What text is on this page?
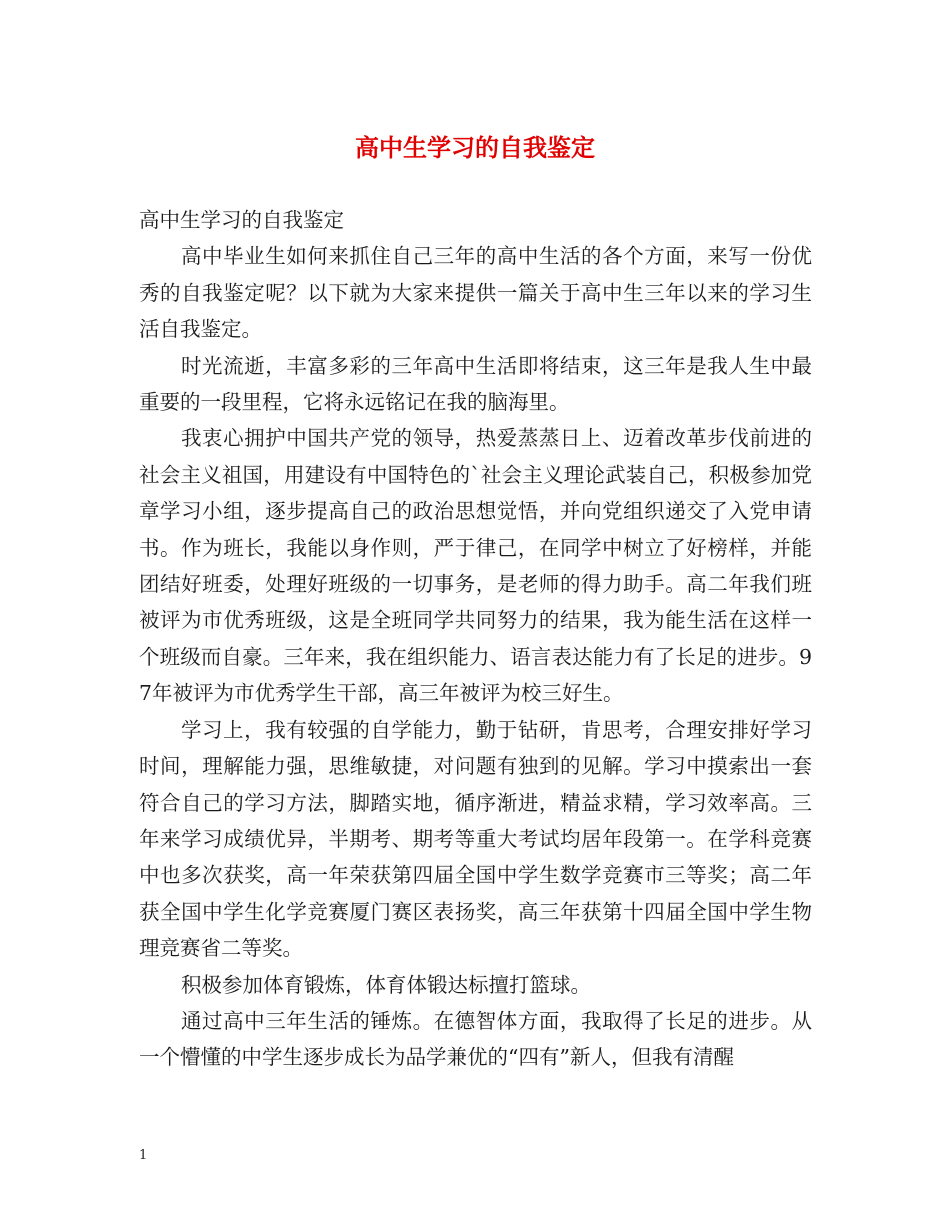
高中生学习的自我鉴定

高中生学习的自我鉴定

高中毕业生如何来抓住自己三年的高中生活的各个方面，来写一份优秀的自我鉴定呢？以下就为大家来提供一篇关于高中生三年以来的学习生活自我鉴定。

时光流逝，丰富多彩的三年高中生活即将结束，这三年是我人生中最重要的一段里程，它将永远铭记在我的脑海里。

我衷心拥护中国共产党的领导，热爱蒸蒸日上、迈着改革步伐前进的社会主义祖国，用建设有中国特色的`社会主义理论武装自己，积极参加党章学习小组，逐步提高自己的政治思想觉悟，并向党组织递交了入党申请书。作为班长，我能以身作则，严于律己，在同学中树立了好榜样，并能团结好班委，处理好班级的一切事务，是老师的得力助手。高二年我们班被评为市优秀班级，这是全班同学共同努力的结果，我为能生活在这样一个班级而自豪。三年来，我在组织能力、语言表达能力有了长足的进步。97年被评为市优秀学生干部，高三年被评为校三好生。

学习上，我有较强的自学能力，勤于钻研，肯思考，合理安排好学习时间，理解能力强，思维敏捷，对问题有独到的见解。学习中摸索出一套符合自己的学习方法，脚踏实地，循序渐进，精益求精，学习效率高。三年来学习成绩优异，半期考、期考等重大考试均居年段第一。在学科竞赛中也多次获奖，高一年荣获第四届全国中学生数学竞赛市三等奖；高二年获全国中学生化学竞赛厦门赛区表扬奖，高三年获第十四届全国中学生物理竞赛省二等奖。

积极参加体育锻炼，体育体锻达标擅打篮球。

通过高中三年生活的锤炼。在德智体方面，我取得了长足的进步。从一个懵懂的中学生逐步成长为品学兼优的“四有”新人，但我有清醒

1
